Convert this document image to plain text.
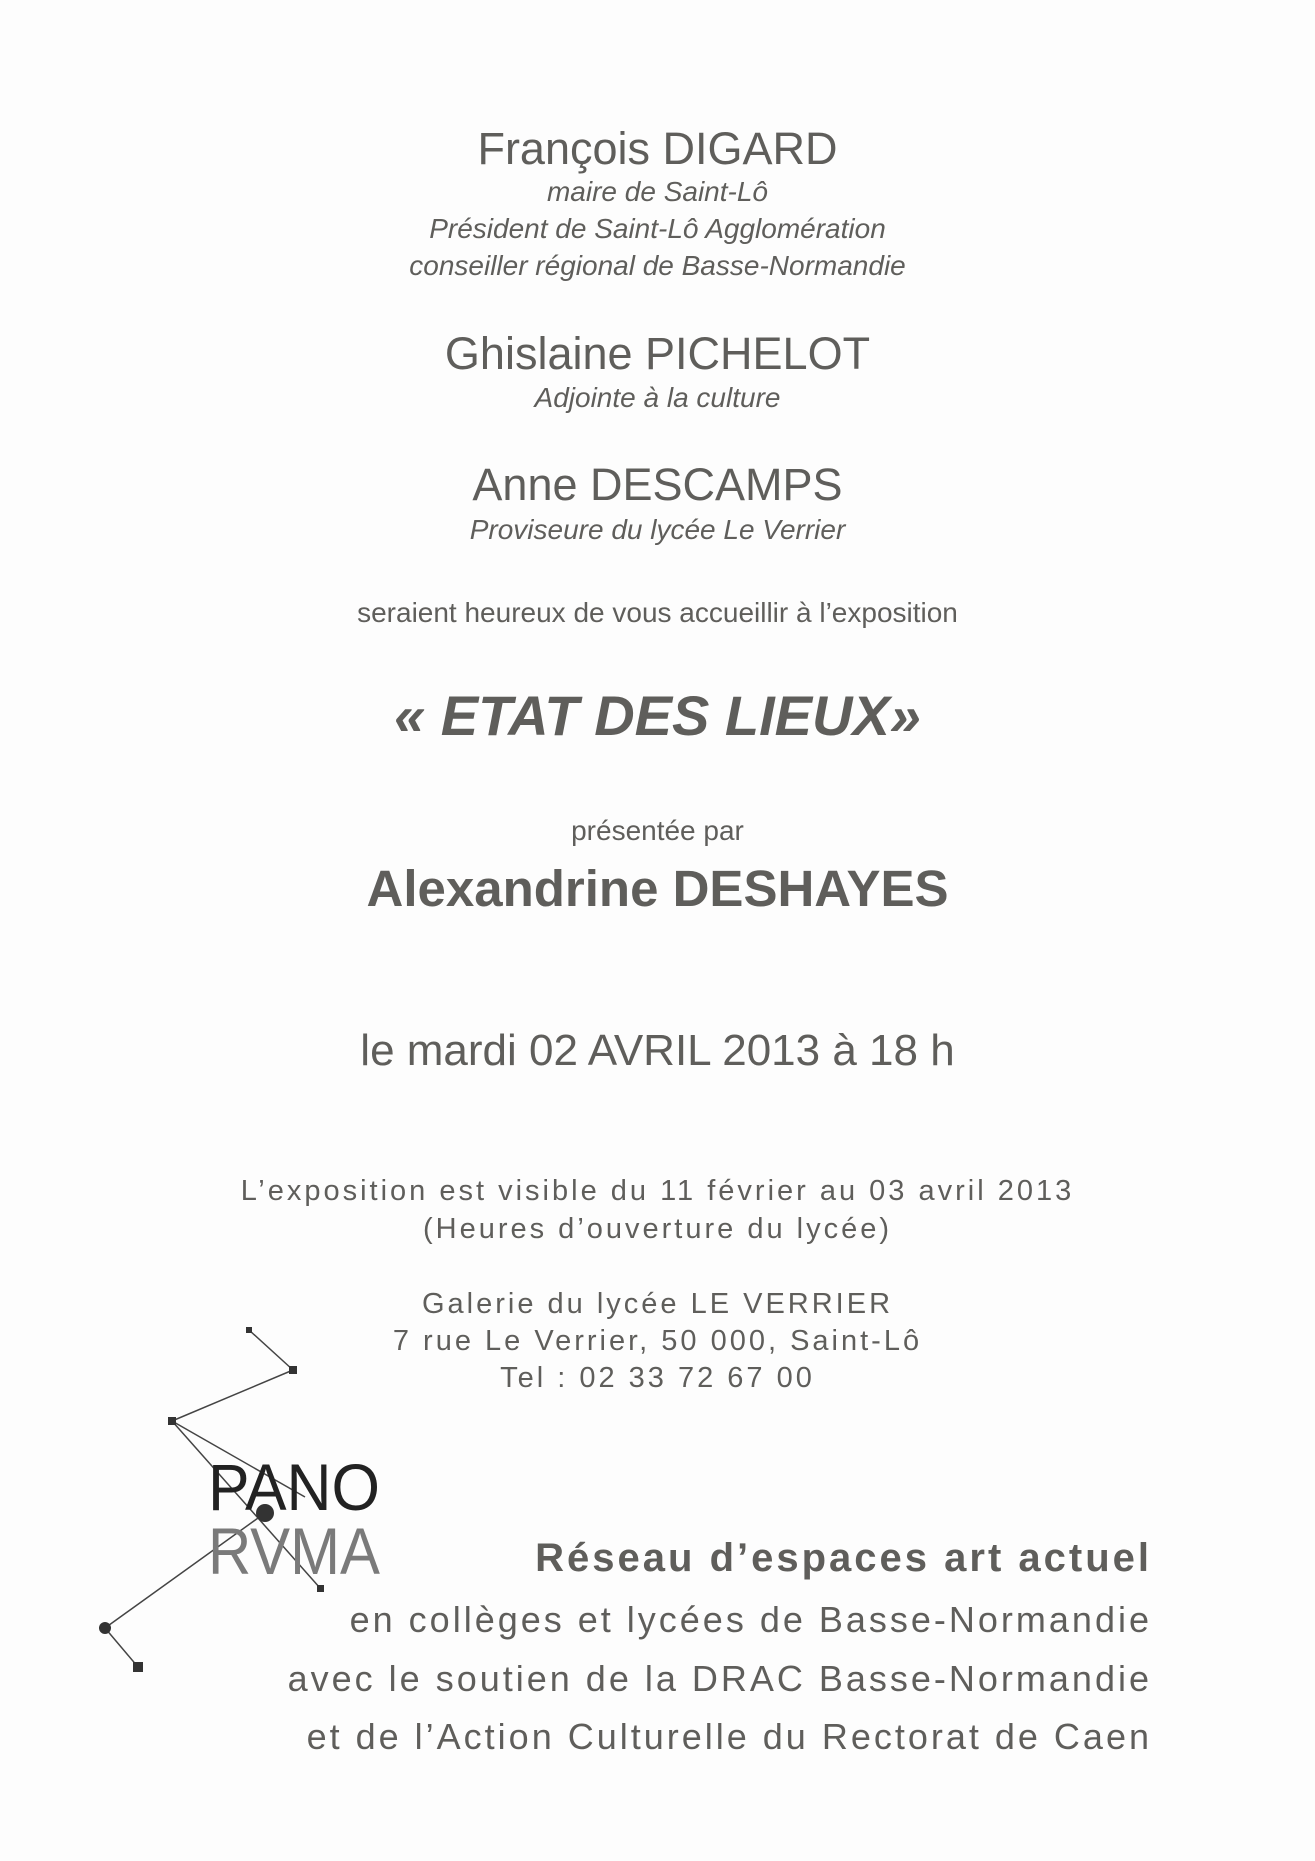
François DIGARD
maire de Saint-Lô
Président de Saint-Lô Agglomération
conseiller régional de Basse-Normandie
Ghislaine PICHELOT
Adjointe à la culture
Anne DESCAMPS
Proviseure du lycée Le Verrier
seraient heureux de vous accueillir à l’exposition
« ETAT DES LIEUX»
présentée par
Alexandrine DESHAYES
le mardi 02 AVRIL 2013 à 18 h
L’exposition est visible du 11 février au 03 avril 2013
(Heures d’ouverture du lycée)
Galerie du lycée LE VERRIER
7 rue Le Verrier, 50 000, Saint-Lô
Tel : 02 33 72 67 00
PANO
RVMA	Réseau d’espaces art actuel
en collèges et lycées de Basse-Normandie
avec le soutien de la DRAC Basse-Normandie
et de l’Action Culturelle du Rectorat de Caen
